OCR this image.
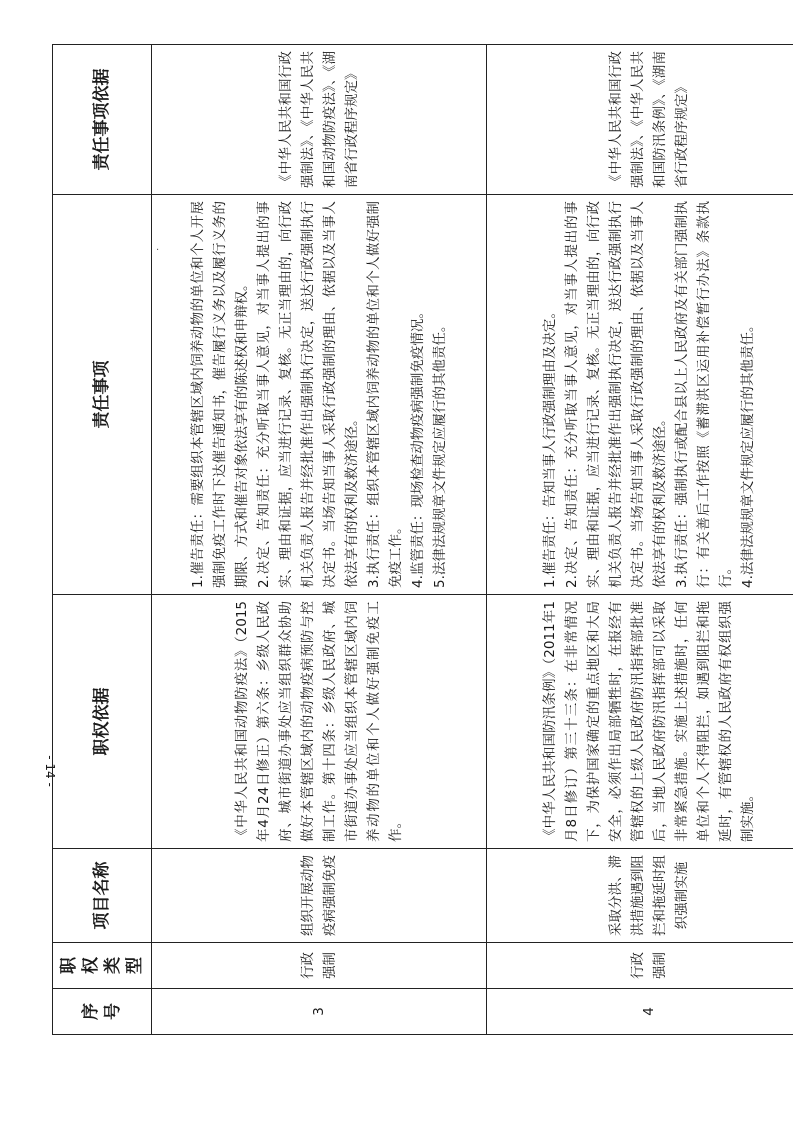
- 14 -
·
序号	职权类型	项目名称	职权依据	责任事项	责任事项依据
3	行政强制	组织开展动物疫病强制免疫	《中华人民共和国动物防疫法》（2015年4月24日修正）第六条：乡级人民政府、城市街道办事处应当组织群众协助做好本管辖区域内的动物疫病预防与控制工作。第十四条：乡级人民政府、城市街道办事处应当组织本管辖区域内饲养动物的单位和个人做好强制免疫工作。	1.催告责任：需要组织本管辖区域内饲养动物的单位和个人开展强制免疫工作时下达催告通知书，催告履行义务以及履行义务的期限、方式和催告对象依法享有的陈述权和申辩权。 2.决定、告知责任：充分听取当事人意见，对当事人提出的事实、理由和证据，应当进行记录、复核。无正当理由的，向行政机关负责人报告并经批准作出强制执行决定，送达行政强制执行决定书。当场告知当事人采取行政强制的理由、依据以及当事人依法享有的权利及救济途径。 3.执行责任：组织本管辖区域内饲养动物的单位和个人做好强制免疫工作。 4.监管责任：现场检查动物疫病强制免疫情况。 5.法律法规规章文件规定应履行的其他责任。	《中华人民共和国行政强制法》、《中华人民共和国动物防疫法》、《湖南省行政程序规定》
4	行政强制	采取分洪、滞洪措施遇到阻拦和拖延时组织强制实施	《中华人民共和国防汛条例》（2011年1月8日修订）第三十三条：在非常情况下，为保护国家确定的重点地区和大局安全，必须作出局部牺牲时，在报经有管辖权的上级人民政府防汛指挥部批准后，当地人民政府防汛指挥部可以采取非常紧急措施。实施上述措施时，任何单位和个人不得阻拦，如遇到阻拦和拖延时，有管辖权的人民政府有权组织强制实施。	1.催告责任：告知当事人行政强制理由及决定。 2.决定、告知责任：充分听取当事人意见，对当事人提出的事实、理由和证据，应当进行记录、复核。无正当理由的，向行政机关负责人报告并经批准作出强制执行决定，送达行政强制执行决定书。当场告知当事人采取行政强制的理由、依据以及当事人依法享有的权利及救济途径。 3.执行责任：强制执行或配合县以上人民政府及有关部门强制执行：有关善后工作按照《蓄滞洪区运用补偿暂行办法》条款执行。 4.法律法规规章文件规定应履行的其他责任。	《中华人民共和国行政强制法》、《中华人民共和国防汛条例》、《湖南省行政程序规定》
